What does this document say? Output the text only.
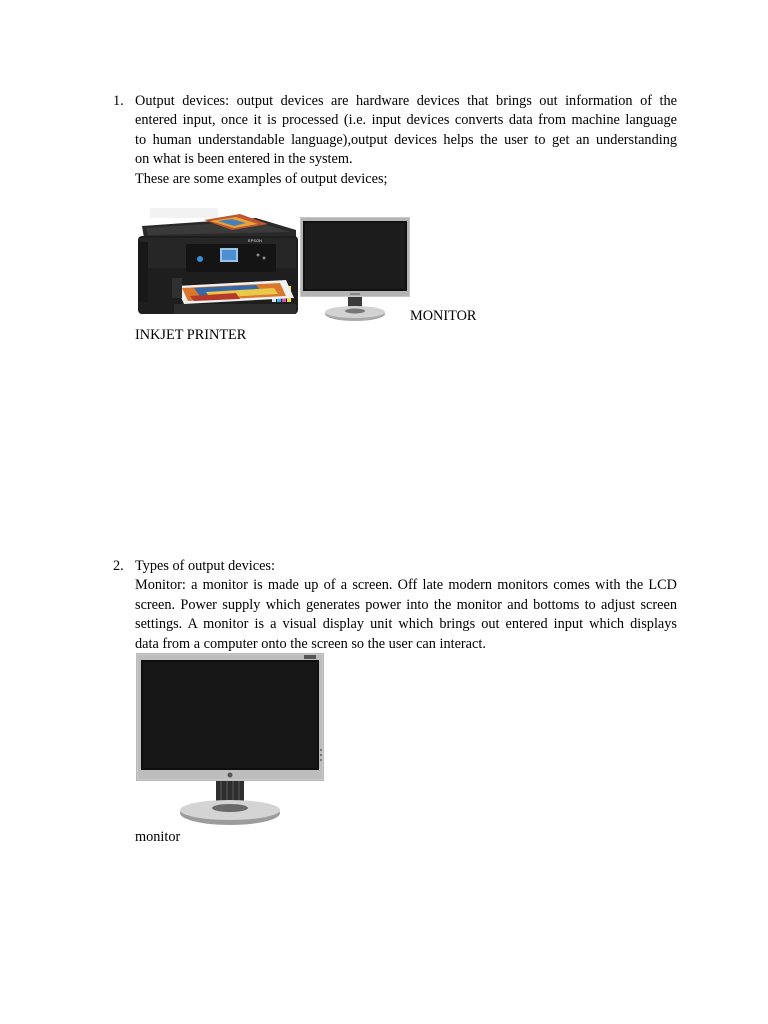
1. Output devices: output devices are hardware devices that brings out information of the

entered input, once it is processed (i.e. input devices converts data from machine language

to human understandable language),output devices helps the user to get an understanding

on what is been entered in the system.

These are some examples of output devices;

EPSON
MONITOR
INKJET PRINTER
2. Types of output devices:

Monitor: a monitor is made up of a screen. Off late modern monitors comes with the LCD

screen. Power supply which generates power into the monitor and bottoms to adjust screen

settings. A monitor is a visual display unit which brings out entered input which displays

data from a computer onto the screen so the user can interact.

monitor
